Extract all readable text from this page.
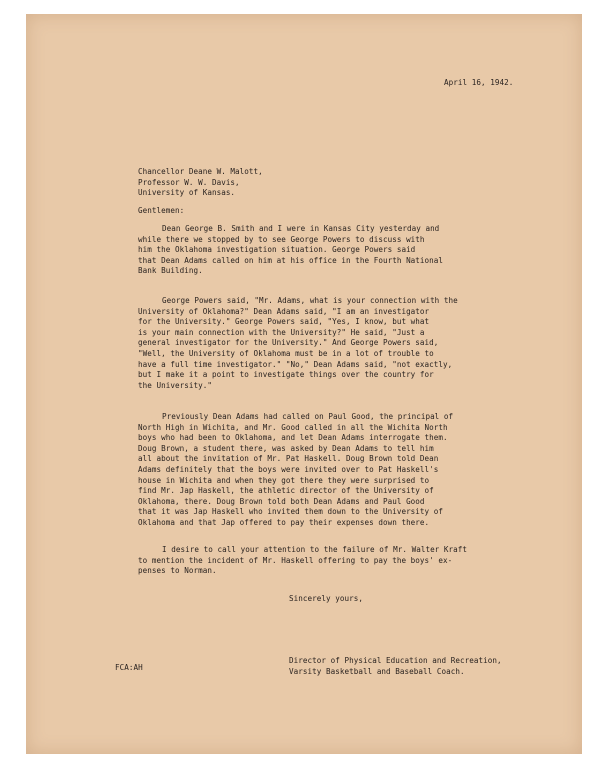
April 16, 1942.
Chancellor Deane W. Malott,
Professor W. W. Davis,
University of Kansas.
Gentlemen:
Dean George B. Smith and I were in Kansas City yesterday and
while there we stopped by to see George Powers to discuss with
him the Oklahoma investigation situation. George Powers said
that Dean Adams called on him at his office in the Fourth National
Bank Building.
George Powers said, "Mr. Adams, what is your connection with the
University of Oklahoma?" Dean Adams said, "I am an investigator
for the University." George Powers said, "Yes, I know, but what
is your main connection with the University?" He said, "Just a
general investigator for the University." And George Powers said,
"Well, the University of Oklahoma must be in a lot of trouble to
have a full time investigator." "No," Dean Adams said, "not exactly,
but I make it a point to investigate things over the country for
the University."
Previously Dean Adams had called on Paul Good, the principal of
North High in Wichita, and Mr. Good called in all the Wichita North
boys who had been to Oklahoma, and let Dean Adams interrogate them.
Doug Brown, a student there, was asked by Dean Adams to tell him
all about the invitation of Mr. Pat Haskell. Doug Brown told Dean
Adams definitely that the boys were invited over to Pat Haskell's
house in Wichita and when they got there they were surprised to
find Mr. Jap Haskell, the athletic director of the University of
Oklahoma, there. Doug Brown told both Dean Adams and Paul Good
that it was Jap Haskell who invited them down to the University of
Oklahoma and that Jap offered to pay their expenses down there.
I desire to call your attention to the failure of Mr. Walter Kraft
to mention the incident of Mr. Haskell offering to pay the boys' ex-
penses to Norman.
Sincerely yours,
FCA:AH
Director of Physical Education and Recreation,
Varsity Basketball and Baseball Coach.
